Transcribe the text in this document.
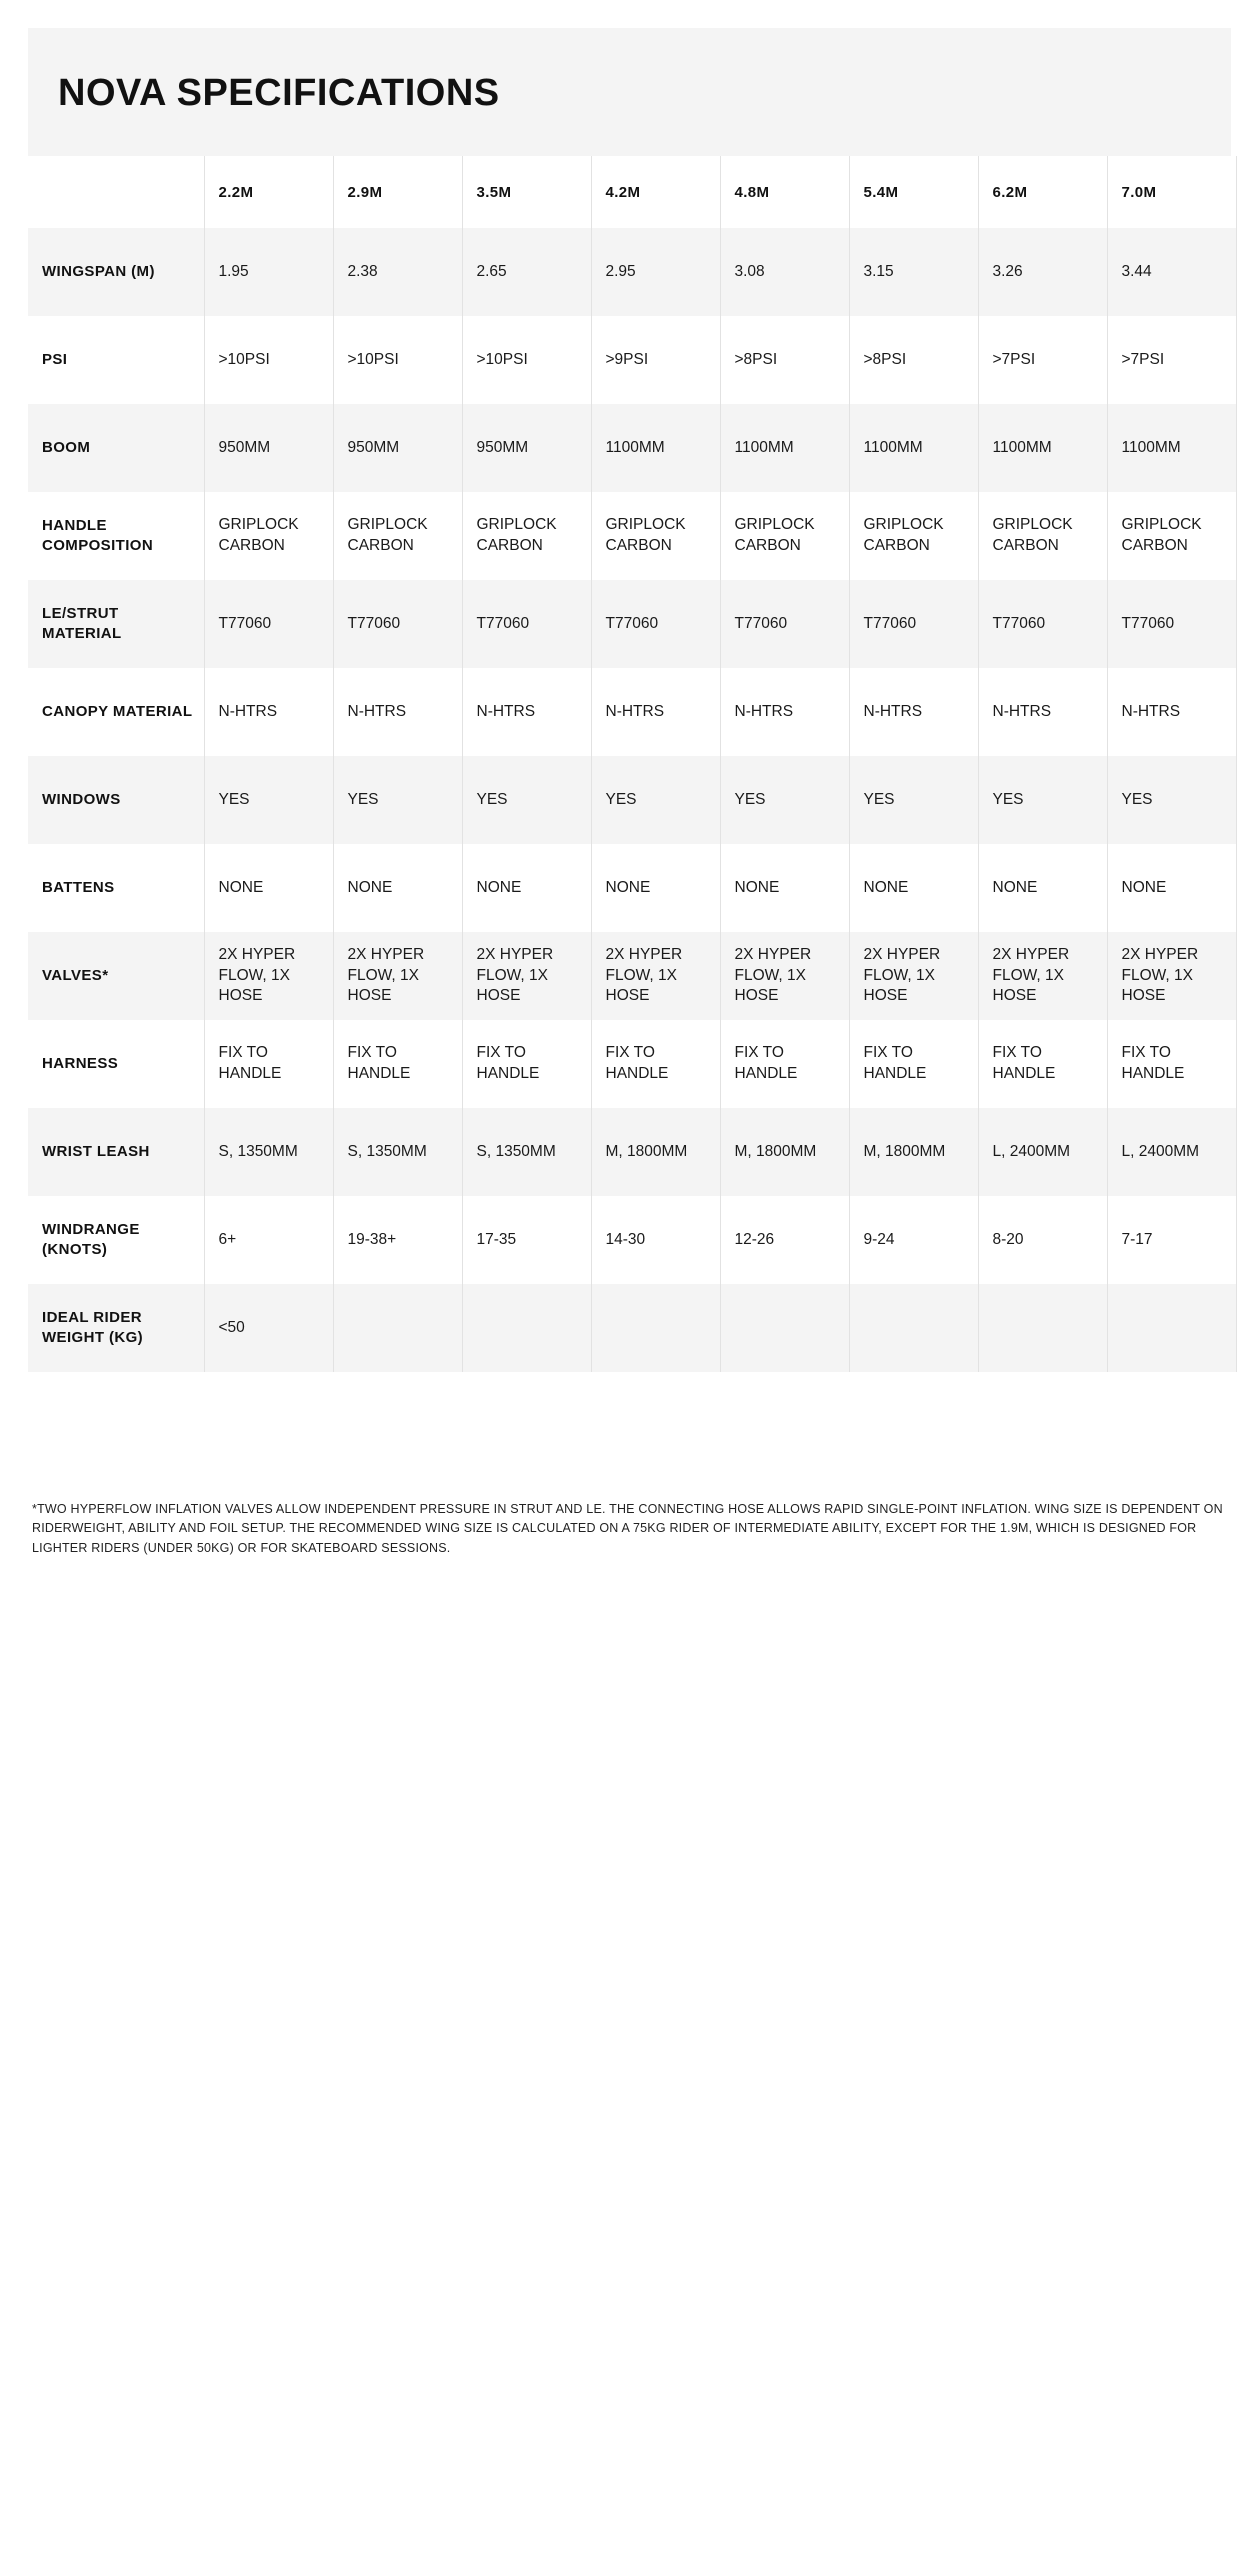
NOVA SPECIFICATIONS
	2.2M	2.9M	3.5M	4.2M	4.8M	5.4M	6.2M	7.0M
WINGSPAN (M)	1.95	2.38	2.65	2.95	3.08	3.15	3.26	3.44
PSI	>10PSI	>10PSI	>10PSI	>9PSI	>8PSI	>8PSI	>7PSI	>7PSI
BOOM	950MM	950MM	950MM	1100MM	1100MM	1100MM	1100MM	1100MM
HANDLE COMPOSITION	GRIPLOCK CARBON	GRIPLOCK CARBON	GRIPLOCK CARBON	GRIPLOCK CARBON	GRIPLOCK CARBON	GRIPLOCK CARBON	GRIPLOCK CARBON	GRIPLOCK CARBON
LE/STRUT MATERIAL	T77060	T77060	T77060	T77060	T77060	T77060	T77060	T77060
CANOPY MATERIAL	N-HTRS	N-HTRS	N-HTRS	N-HTRS	N-HTRS	N-HTRS	N-HTRS	N-HTRS
WINDOWS	YES	YES	YES	YES	YES	YES	YES	YES
BATTENS	NONE	NONE	NONE	NONE	NONE	NONE	NONE	NONE
VALVES*	2X HYPER FLOW, 1X HOSE	2X HYPER FLOW, 1X HOSE	2X HYPER FLOW, 1X HOSE	2X HYPER FLOW, 1X HOSE	2X HYPER FLOW, 1X HOSE	2X HYPER FLOW, 1X HOSE	2X HYPER FLOW, 1X HOSE	2X HYPER FLOW, 1X HOSE
HARNESS	FIX TO HANDLE	FIX TO HANDLE	FIX TO HANDLE	FIX TO HANDLE	FIX TO HANDLE	FIX TO HANDLE	FIX TO HANDLE	FIX TO HANDLE
WRIST LEASH	S, 1350MM	S, 1350MM	S, 1350MM	M, 1800MM	M, 1800MM	M, 1800MM	L, 2400MM	L, 2400MM
WINDRANGE (KNOTS)	6+	19-38+	17-35	14-30	12-26	9-24	8-20	7-17
IDEAL RIDER WEIGHT (KG)	<50							
*TWO HYPERFLOW INFLATION VALVES ALLOW INDEPENDENT PRESSURE IN STRUT AND LE. THE CONNECTING HOSE ALLOWS RAPID SINGLE-POINT INFLATION. WING SIZE IS DEPENDENT ON RIDERWEIGHT, ABILITY AND FOIL SETUP. THE RECOMMENDED WING SIZE IS CALCULATED ON A 75KG RIDER OF INTERMEDIATE ABILITY, EXCEPT FOR THE 1.9M, WHICH IS DESIGNED FOR LIGHTER RIDERS (UNDER 50KG) OR FOR SKATEBOARD SESSIONS.
